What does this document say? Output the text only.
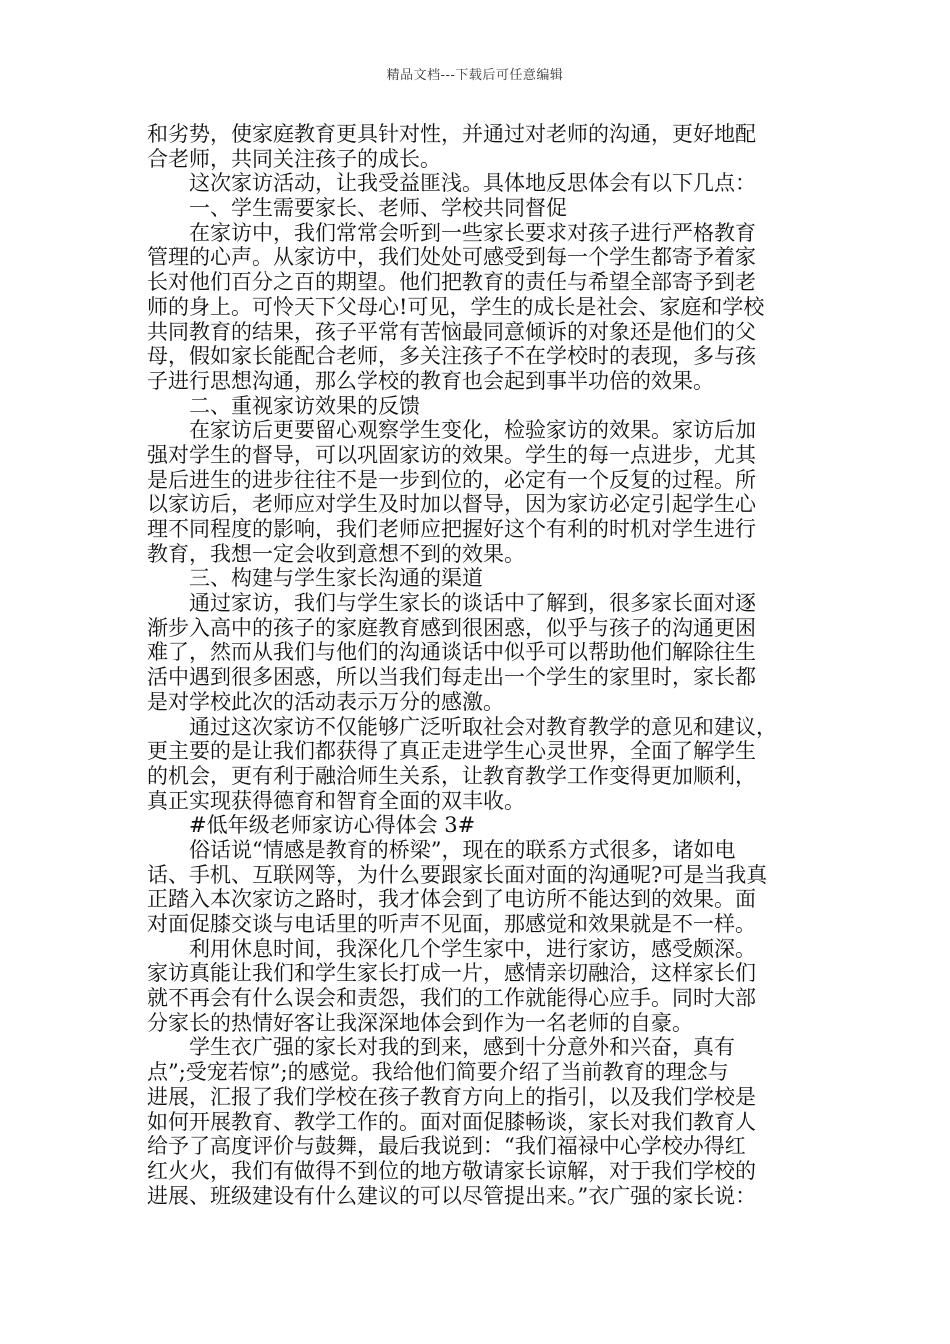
精品文档---下载后可任意编辑
和劣势，使家庭教育更具针对性，并通过对老师的沟通，更好地配
合老师，共同关注孩子的成长。
这次家访活动，让我受益匪浅。具体地反思体会有以下几点：
一、学生需要家长、老师、学校共同督促
在家访中，我们常常会听到一些家长要求对孩子进行严格教育
管理的心声。从家访中，我们处处可感受到每一个学生都寄予着家
长对他们百分之百的期望。他们把教育的责任与希望全部寄予到老
师的身上。可怜天下父母心!可见，学生的成长是社会、家庭和学校
共同教育的结果，孩子平常有苦恼最同意倾诉的对象还是他们的父
母，假如家长能配合老师，多关注孩子不在学校时的表现，多与孩
子进行思想沟通，那么学校的教育也会起到事半功倍的效果。
二、重视家访效果的反馈
在家访后更要留心观察学生变化，检验家访的效果。家访后加
强对学生的督导，可以巩固家访的效果。学生的每一点进步，尤其
是后进生的进步往往不是一步到位的，必定有一个反复的过程。所
以家访后，老师应对学生及时加以督导，因为家访必定引起学生心
理不同程度的影响，我们老师应把握好这个有利的时机对学生进行
教育，我想一定会收到意想不到的效果。
三、构建与学生家长沟通的渠道
通过家访，我们与学生家长的谈话中了解到，很多家长面对逐
渐步入高中的孩子的家庭教育感到很困惑，似乎与孩子的沟通更困
难了，然而从我们与他们的沟通谈话中似乎可以帮助他们解除往生
活中遇到很多困惑，所以当我们每走出一个学生的家里时，家长都
是对学校此次的活动表示万分的感激。
通过这次家访不仅能够广泛听取社会对教育教学的意见和建议，
更主要的是让我们都获得了真正走进学生心灵世界，全面了解学生
的机会，更有利于融洽师生关系，让教育教学工作变得更加顺利，
真正实现获得德育和智育全面的双丰收。
#低年级老师家访心得体会 3#
俗话说“情感是教育的桥梁”，现在的联系方式很多，诸如电
话、手机、互联网等，为什么要跟家长面对面的沟通呢?可是当我真
正踏入本次家访之路时，我才体会到了电访所不能达到的效果。面
对面促膝交谈与电话里的听声不见面，那感觉和效果就是不一样。
利用休息时间，我深化几个学生家中，进行家访，感受颇深。
家访真能让我们和学生家长打成一片，感情亲切融洽，这样家长们
就不再会有什么误会和责怨，我们的工作就能得心应手。同时大部
分家长的热情好客让我深深地体会到作为一名老师的自豪。
学生衣广强的家长对我的到来，感到十分意外和兴奋，真有
点”;受宠若惊”;的感觉。我给他们简要介绍了当前教育的理念与
进展，汇报了我们学校在孩子教育方向上的指引，以及我们学校是
如何开展教育、教学工作的。面对面促膝畅谈，家长对我们教育人
给予了高度评价与鼓舞，最后我说到：“我们福禄中心学校办得红
红火火，我们有做得不到位的地方敬请家长谅解，对于我们学校的
进展、班级建设有什么建议的可以尽管提出来。”衣广强的家长说：
